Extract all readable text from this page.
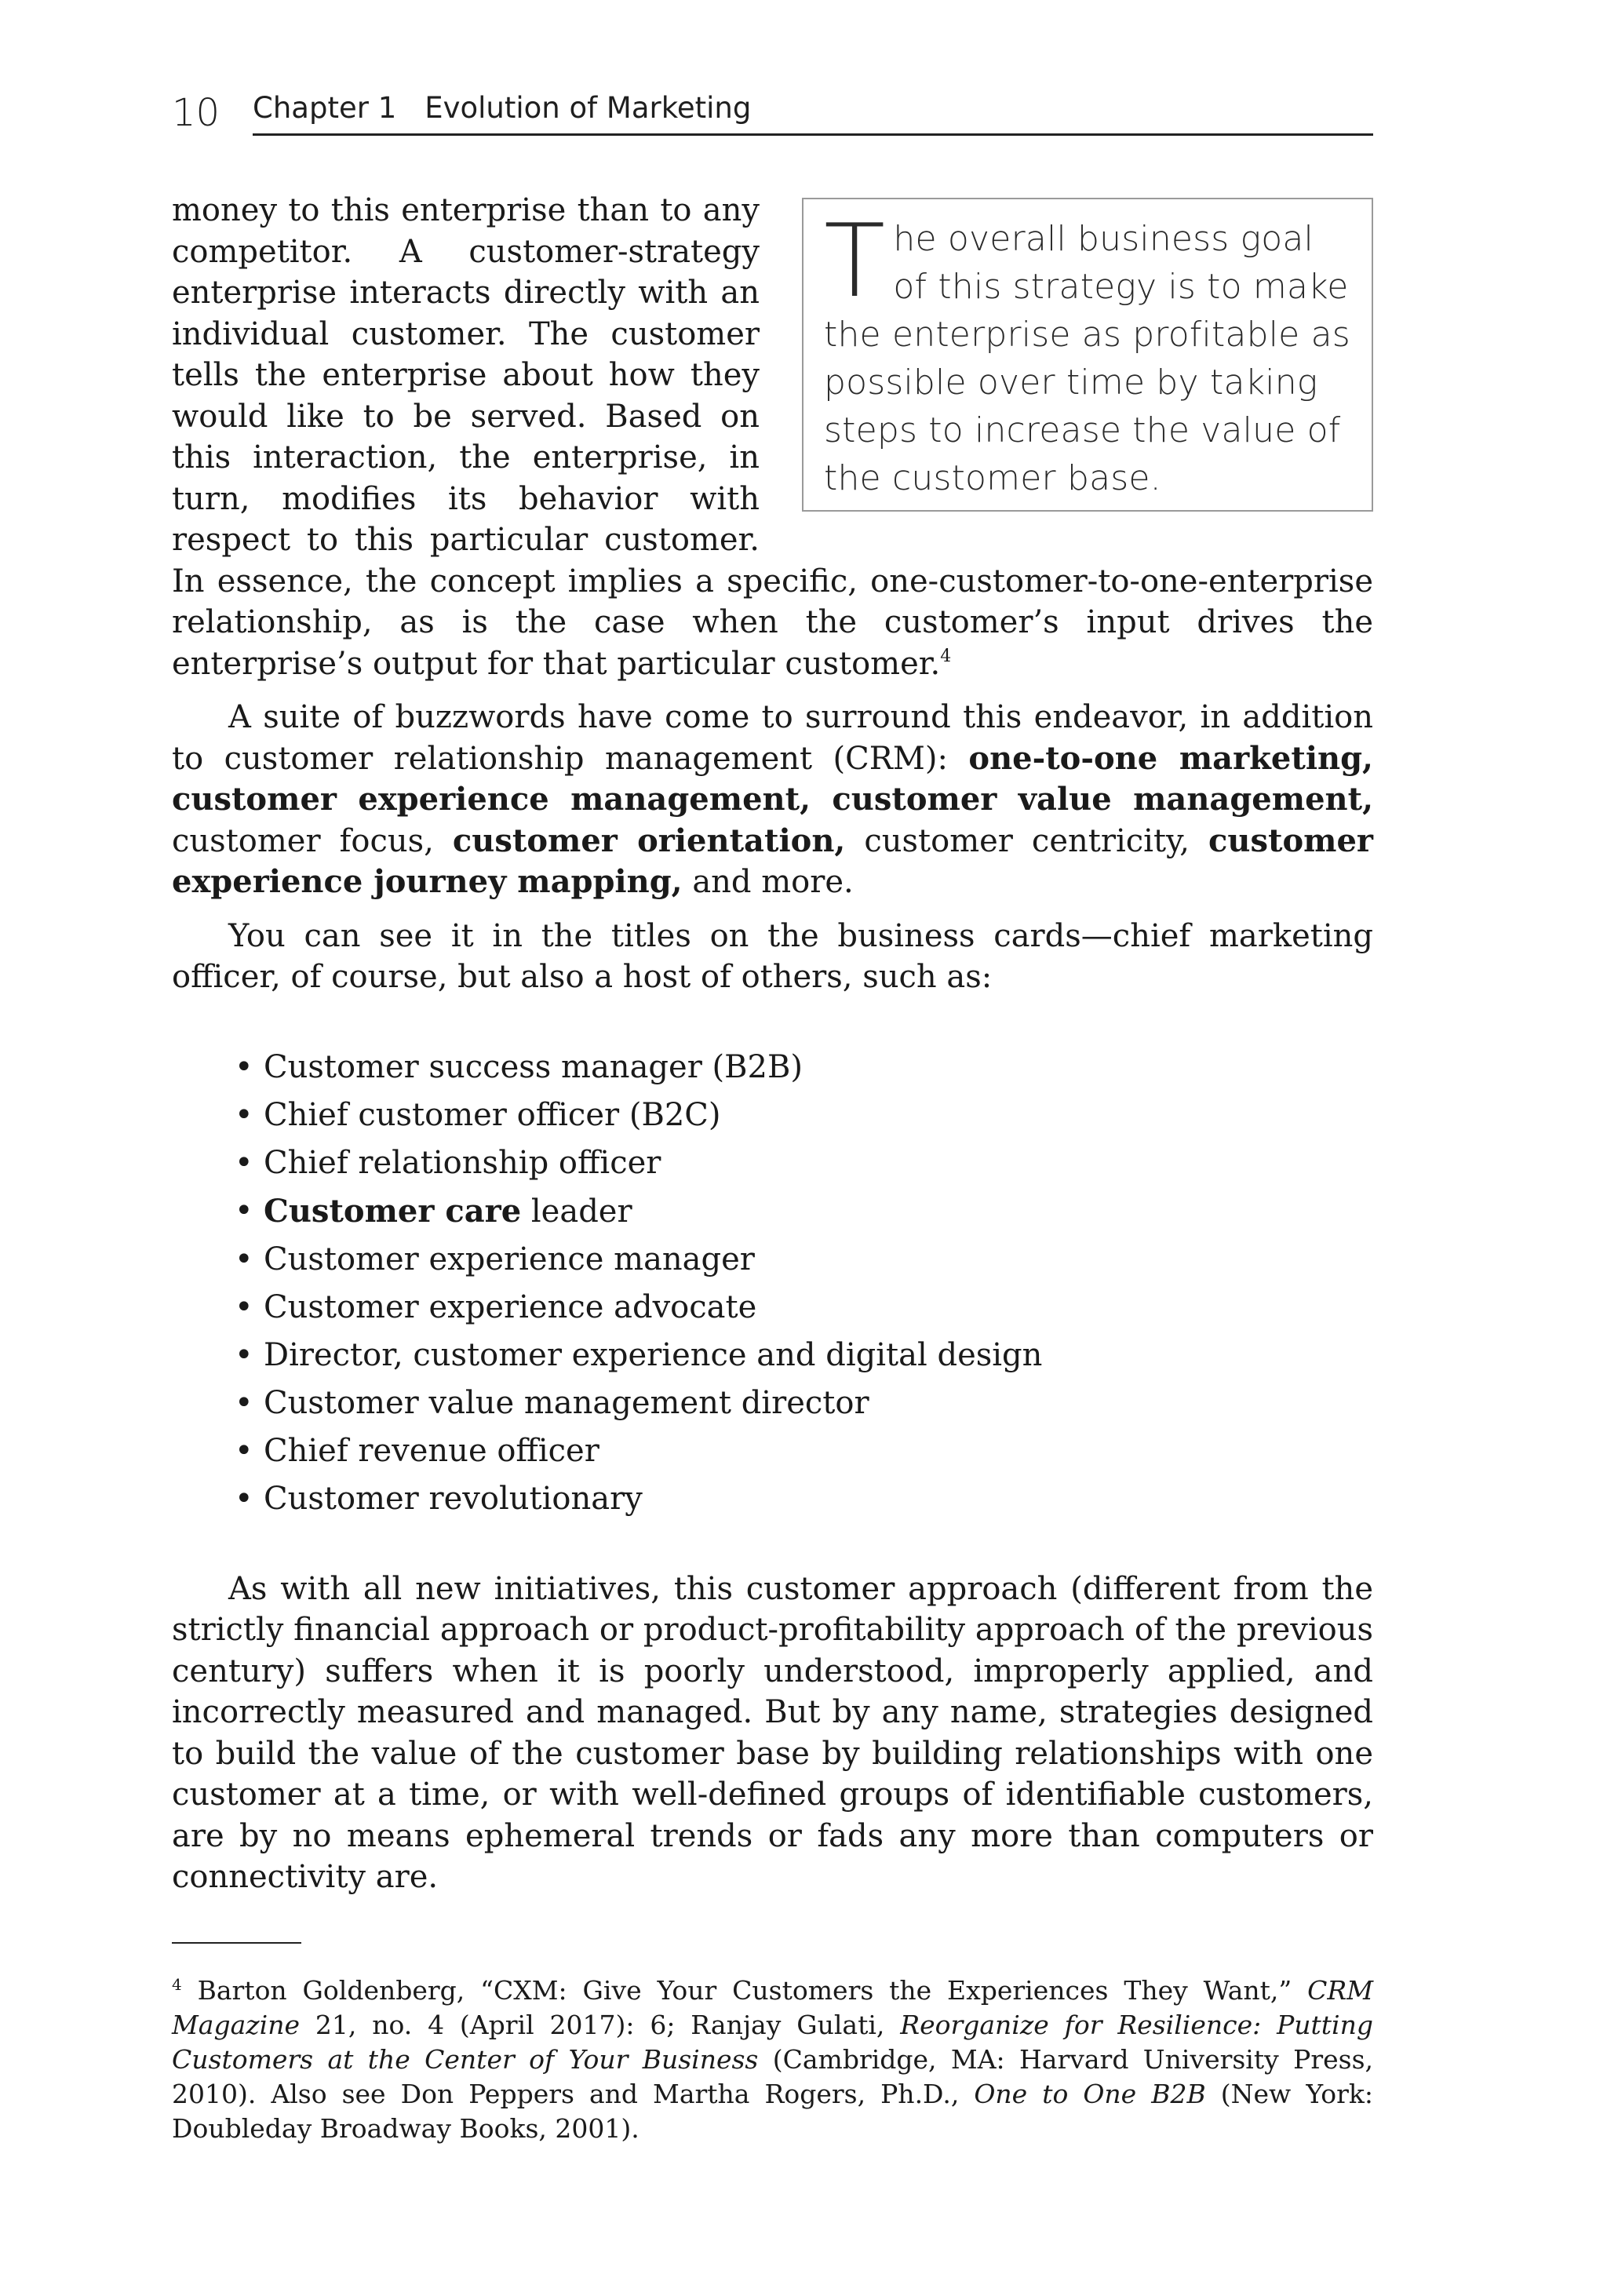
10 Chapter 1 Evolution of Marketing
The overall business goal of this strategy is to make the enterprise as profitable as possible over time by taking steps to increase the value of the customer base.

money to this enterprise than to any competitor. A customer-strategy enterprise interacts directly with an individual customer. The customer tells the enterprise about how they would like to be served. Based on this interaction, the enterprise, in turn, modifies its behavior with respect to this particular customer. In essence, the concept implies a specific, one-customer-to-one-enterprise relationship, as is the case when the customer’s input drives the enterprise’s output for that particular customer.$^4$

A suite of buzzwords have come to surround this endeavor, in addition to customer relationship management (CRM): one-to-one marketing, customer experience management, customer value management, customer focus, customer orientation, customer centricity, customer experience journey mapping, and more.

You can see it in the titles on the business cards—chief marketing officer, of course, but also a host of others, such as:

• Customer success manager (B2B)
• Chief customer officer (B2C)
• Chief relationship officer
• Customer care leader
• Customer experience manager
• Customer experience advocate
• Director, customer experience and digital design
• Customer value management director
• Chief revenue officer
• Customer revolutionary

As with all new initiatives, this customer approach (different from the strictly financial approach or product-profitability approach of the previous century) suffers when it is poorly understood, improperly applied, and incorrectly measured and managed. But by any name, strategies designed to build the value of the customer base by building relationships with one customer at a time, or with well-defined groups of identifiable customers, are by no means ephemeral trends or fads any more than computers or connectivity are.

$^4$ Barton Goldenberg, “CXM: Give Your Customers the Experiences They Want,” CRM Magazine 21, no. 4 (April 2017): 6; Ranjay Gulati, Reorganize for Resilience: Putting Customers at the Center of Your Business (Cambridge, MA: Harvard University Press, 2010). Also see Don Peppers and Martha Rogers, Ph.D., One to One B2B (New York: Doubleday Broadway Books, 2001).
